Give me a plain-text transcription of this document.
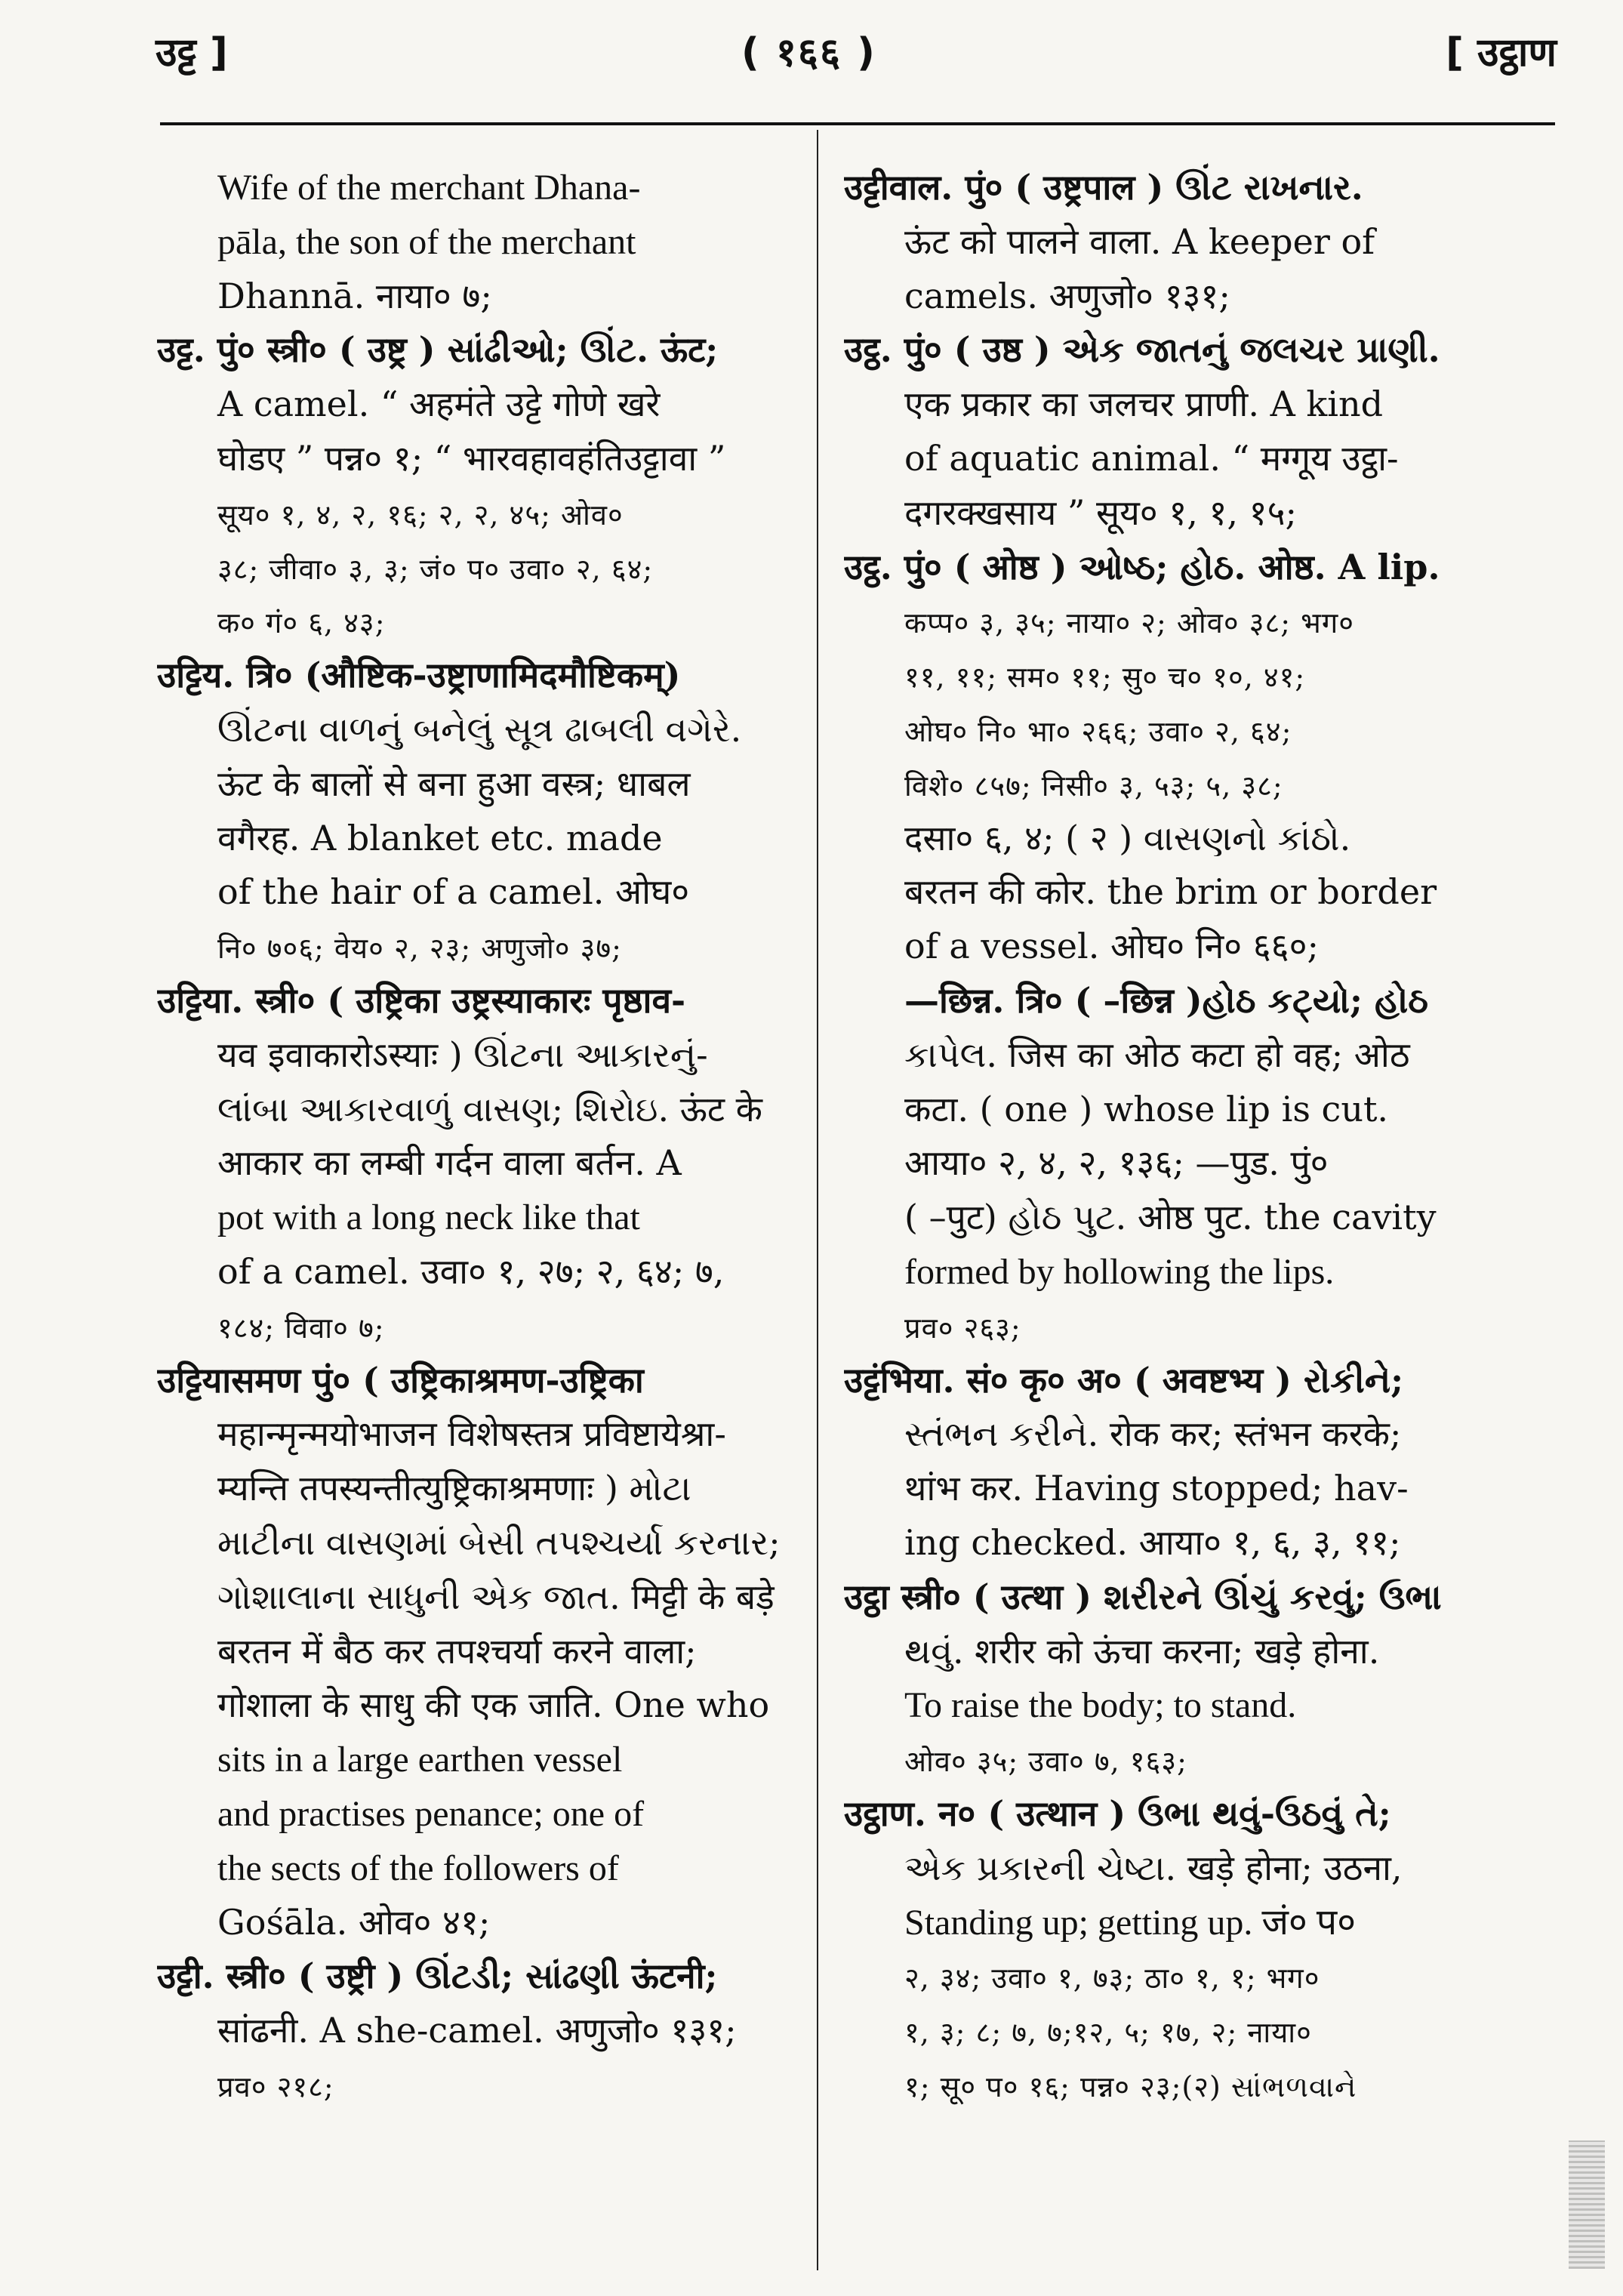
उट्ट ]	( १६६ )	[ उट्ठाण
Wife of the merchant Dhana-
pāla, the son of the merchant
Dhannā. नाया० ७;
उट्ट. पुं० स्त्री० ( उष्ट्र ) સાંઢીઓ; ઊંટ. ऊंट;
A camel. “ अहमंते उट्टे गोणे खरे
घोडए ” पन्न० १; “ भारवहावहंतिउट्टावा ”
सूय० १, ४, २, १६; २, २, ४५; ओव०
३८; जीवा० ३, ३; जं० प० उवा० २, ६४;
क० गं० ६, ४३;
उट्टिय. त्रि० (औष्टिक-उष्ट्राणामिदमौष्टिकम्)
ઊંટના વાળનું બનેલું સૂત્ર ઢાબલી વગેરે.
ऊंट के बालों से बना हुआ वस्त्र; धाबल
वगैरह. A blanket etc. made
of the hair of a camel. ओघ०
नि० ७०६; वेय० २, २३; अणुजो० ३७;
उट्टिया. स्त्री० ( उष्ट्रिका उष्ट्रस्याकारः पृष्ठाव-
यव इवाकारोऽस्याः ) ઊંટના આકારનું-
લાંબા આકારવાળું વાસણ; શિરોઇ. ऊंट के
आकार का लम्बी गर्दन वाला बर्तन. A
pot with a long neck like that
of a camel. उवा० १, २७; २, ६४; ७,
१८४; विवा० ७;
उट्टियासमण पुं० ( उष्ट्रिकाश्रमण-उष्ट्रिका
महान्मृन्मयोभाजन विशेषस्तत्र प्रविष्टायेश्रा-
म्यन्ति तपस्यन्तीत्युष्ट्रिकाश्रमणाः ) મોટા
માટીના વાસણમાં બેસી તપશ્ચર્યા કરનાર;
ગોશાલાના સાધુની એક જાત. मिट्टी के बड़े
बरतन में बैठ कर तपश्चर्या करने वाला;
गोशाला के साधु की एक जाति. One who
sits in a large earthen vessel
and practises penance; one of
the sects of the followers of
Gośāla. ओव० ४१;
उट्टी. स्त्री० ( उष्ट्री ) ઊંટડી; સાંઢણી ऊंटनी;
सांढनी. A she-camel. अणुजो० १३१;
प्रव० २१८;
उट्टीवाल. पुं० ( उष्ट्रपाल ) ઊંટ રાખનાર.
ऊंट को पालने वाला. A keeper of
camels. अणुजो० १३१;
उट्ठ. पुं० ( उष्ठ ) એક જાતનું જલચર પ્રાણી.
एक प्रकार का जलचर प्राणी. A kind
of aquatic animal. “ मग्गूय उट्ठा-
दगरक्खसाय ” सूय० १, १, १५;
उट्ठ. पुं० ( ओष्ठ ) ઓષ્ઠ; હોઠ. ओष्ठ. A lip.
कप्प० ३, ३५; नाया० २; ओव० ३८; भग०
११, ११; सम० ११; सु० च० १०, ४१;
ओघ० नि० भा० २६६; उवा० २, ६४;
विशे० ८५७; निसी० ३, ५३; ५, ३८;
दसा० ६, ४; ( २ ) વાસણનો કાંઠો.
बरतन की कोर. the brim or border
of a vessel. ओघ० नि० ६६०;
—छिन्न. त्रि० ( –छिन्न )હોઠ કટ્યો; હોઠ
કાપેલ. जिस का ओठ कटा हो वह; ओठ
कटा. ( one ) whose lip is cut.
आया० २, ४, २, १३६; —पुड. पुं०
( –पुट) હોઠ પુટ. ओष्ठ पुट. the cavity
formed by hollowing the lips.
प्रव० २६३;
उट्टंभिया. सं० कृ० अ० ( अवष्टभ्य ) રોકીને;
સ્તંભન કરીને. रोक कर; स्तंभन करके;
थांभ कर. Having stopped; hav-
ing checked. आया० १, ६, ३, ११;
उट्ठा स्त्री० ( उत्था ) શરીરને ઊંચું કરવું; ઉભા
થવું. शरीर को ऊंचा करना; खड़े होना.
To raise the body; to stand.
ओव० ३५; उवा० ७, १६३;
उट्ठाण. न० ( उत्थान ) ઉભા થવું-ઉઠવું તે;
એક પ્રકારની ચેષ્ટા. खड़े होना; उठना,
Standing up; getting up. जं० प०
२, ३४; उवा० १, ७३; ठा० १, १; भग०
१, ३; ८; ७, ७;१२, ५; १७, २; नाया०
१; सू० प० १६; पन्न० २३;(२) સાંભળવાને
